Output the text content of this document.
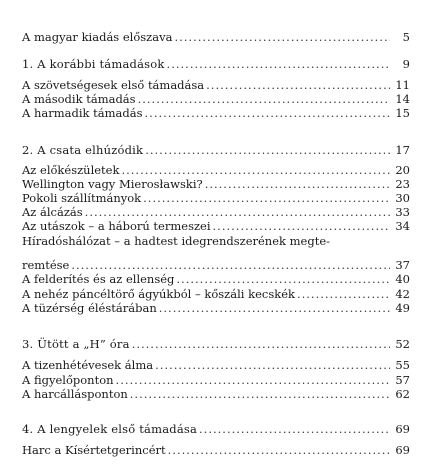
A magyar kiadás előszava .....	5
1. A korábbi támadások .....	9
A szövetségesek első támadása .....	11
A második támadás .....	14
A harmadik támadás .....	15
2. A csata elhúzódik .....	17
Az előkészületek .....	20
Wellington vagy Mierosławski? .....	23
Pokoli szállítmányok .....	30
Az álcázás .....	33
Az utászok – a háború termeszei .....	34
Híradóshálózat – a hadtest idegrendszerének megte-
remtése .....	37
A felderítés és az ellenség .....	40
A nehéz páncéltörő ágyúkból – kőszáli kecskék .....	42
A tüzérség éléstárában .....	49
3. Ütött a „H” óra .....	52
A tizenhétévesek álma .....	55
A figyelőponton .....	57
A harcállásponton .....	62
4. A lengyelek első támadása .....	69
Harc a Kísértetgerincért .....	69
